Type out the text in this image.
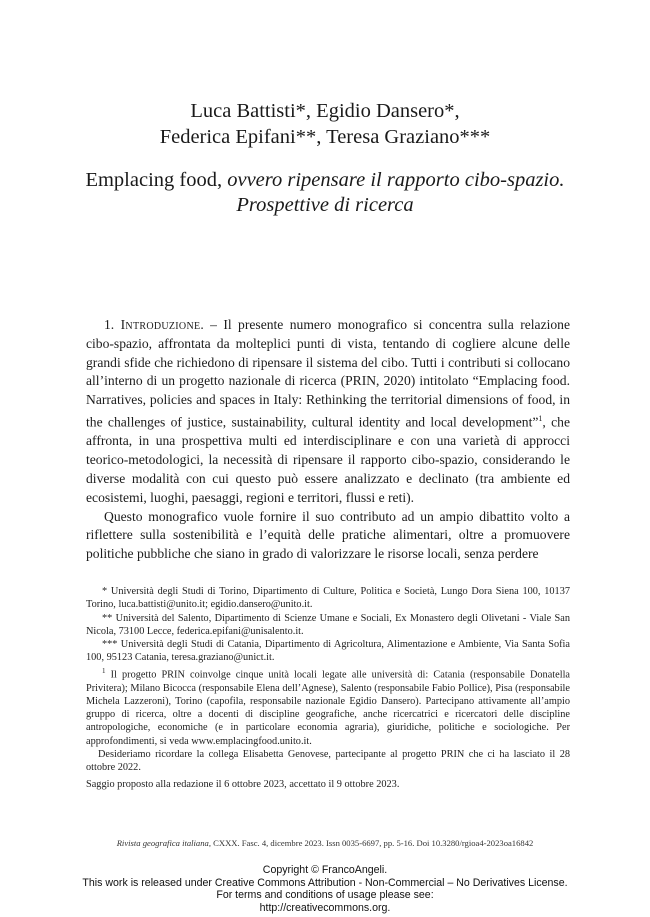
Luca Battisti*, Egidio Dansero*,
Federica Epifani**, Teresa Graziano***
Emplacing food, ovvero ripensare il rapporto cibo-spazio.
Prospettive di ricerca

1. Introduzione. – Il presente numero monografico si concentra sulla relazione cibo-spazio, affrontata da molteplici punti di vista, tentando di cogliere alcune delle grandi sfide che richiedono di ripensare il sistema del cibo. Tutti i contributi si collocano all’interno di un progetto nazionale di ricerca (PRIN, 2020) intitolato “Emplacing food. Narratives, policies and spaces in Italy: Rethinking the territorial dimensions of food, in the challenges of justice, sustainability, cultural identity and local development”$^1$, che affronta, in una prospettiva multi ed interdisciplinare e con una varietà di approcci teorico-metodologici, la necessità di ripensare il rapporto cibo-spazio, considerando le diverse modalità con cui questo può essere analizzato e declinato (tra ambiente ed ecosistemi, luoghi, paesaggi, regioni e territori, flussi e reti).

Questo monografico vuole fornire il suo contributo ad un ampio dibattito volto a riflettere sulla sostenibilità e l’equità delle pratiche alimentari, oltre a promuovere politiche pubbliche che siano in grado di valorizzare le risorse locali, senza perdere

* Università degli Studi di Torino, Dipartimento di Culture, Politica e Società, Lungo Dora Siena 100, 10137 Torino, luca.battisti@unito.it; egidio.dansero@unito.it.

** Università del Salento, Dipartimento di Scienze Umane e Sociali, Ex Monastero degli Olivetani - Viale San Nicola, 73100 Lecce, federica.epifani@unisalento.it.

*** Università degli Studi di Catania, Dipartimento di Agricoltura, Alimentazione e Ambiente, Via Santa Sofia 100, 95123 Catania, teresa.graziano@unict.it.

$^1$ Il progetto PRIN coinvolge cinque unità locali legate alle università di: Catania (responsabile Donatella Privitera); Milano Bicocca (responsabile Elena dell’Agnese), Salento (responsabile Fabio Pollice), Pisa (responsabile Michela Lazzeroni), Torino (capofila, responsabile nazionale Egidio Dansero). Partecipano attivamente all’ampio gruppo di ricerca, oltre a docenti di discipline geografiche, anche ricercatrici e ricercatori delle discipline antropologiche, economiche (e in particolare economia agraria), giuridiche, politiche e sociologiche. Per approfondimenti, si veda www.emplacingfood.unito.it.

Desideriamo ricordare la collega Elisabetta Genovese, partecipante al progetto PRIN che ci ha lasciato il 28 ottobre 2022.

Saggio proposto alla redazione il 6 ottobre 2023, accettato il 9 ottobre 2023.

Rivista geografica italiana, CXXX. Fasc. 4, dicembre 2023. Issn 0035-6697, pp. 5-16. Doi 10.3280/rgioa4-2023oa16842
Copyright © FrancoAngeli.
This work is released under Creative Commons Attribution - Non-Commercial – No Derivatives License.
For terms and conditions of usage please see:
http://creativecommons.org.
